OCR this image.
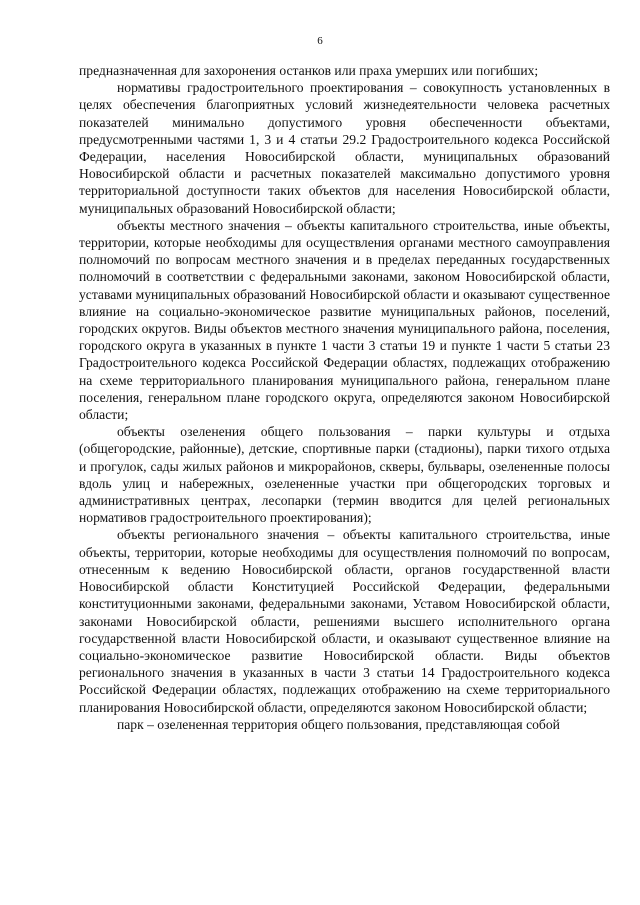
6

предназначенная для захоронения останков или праха умерших или погибших;

нормативы градостроительного проектирования – совокупность установленных в целях обеспечения благоприятных условий жизнедеятельности человека расчетных показателей минимально допустимого уровня обеспеченности объектами, предусмотренными частями 1, 3 и 4 статьи 29.2 Градостроительного кодекса Российской Федерации, населения Новосибирской области, муниципальных образований Новосибирской области и расчетных показателей максимально допустимого уровня территориальной доступности таких объектов для населения Новосибирской области, муниципальных образований Новосибирской области;

объекты местного значения – объекты капитального строительства, иные объекты, территории, которые необходимы для осуществления органами местного самоуправления полномочий по вопросам местного значения и в пределах переданных государственных полномочий в соответствии с федеральными законами, законом Новосибирской области, уставами муниципальных образований Новосибирской области и оказывают существенное влияние на социально-экономическое развитие муниципальных районов, поселений, городских округов. Виды объектов местного значения муниципального района, поселения, городского округа в указанных в пункте 1 части 3 статьи 19 и пункте 1 части 5 статьи 23 Градостроительного кодекса Российской Федерации областях, подлежащих отображению на схеме территориального планирования муниципального района, генеральном плане поселения, генеральном плане городского округа, определяются законом Новосибирской области;

объекты озеленения общего пользования – парки культуры и отдыха (общегородские, районные), детские, спортивные парки (стадионы), парки тихого отдыха и прогулок, сады жилых районов и микрорайонов, скверы, бульвары, озелененные полосы вдоль улиц и набережных, озелененные участки при общегородских торговых и административных центрах, лесопарки (термин вводится для целей региональных нормативов градостроительного проектирования);

объекты регионального значения – объекты капитального строительства, иные объекты, территории, которые необходимы для осуществления полномочий по вопросам, отнесенным к ведению Новосибирской области, органов государственной власти Новосибирской области Конституцией Российской Федерации, федеральными конституционными законами, федеральными законами, Уставом Новосибирской области, законами Новосибирской области, решениями высшего исполнительного органа государственной власти Новосибирской области, и оказывают существенное влияние на социально-экономическое развитие Новосибирской области. Виды объектов регионального значения в указанных в части 3 статьи 14 Градостроительного кодекса Российской Федерации областях, подлежащих отображению на схеме территориального планирования Новосибирской области, определяются законом Новосибирской области;

парк – озелененная территория общего пользования, представляющая собой
